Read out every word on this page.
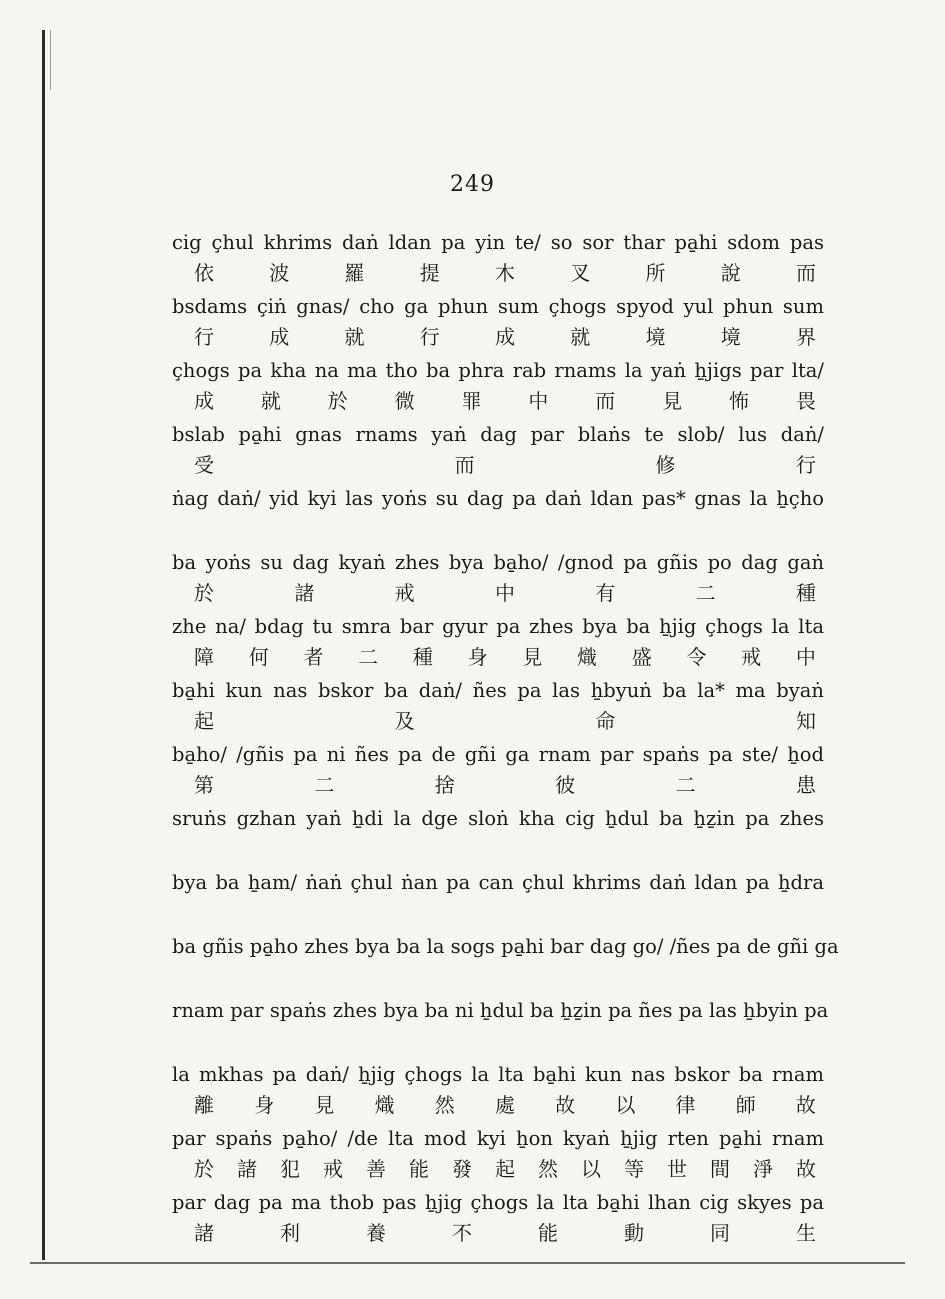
249
cig çhul khrims daṅ ldan pa yin te/ so sor thar pa̱hi sdom pas
依	波	羅	提	木	叉	所	說	而
bsdams çiṅ gnas/ cho ga phun sum çhogs spyod yul phun sum
行	成	就	行	成	就	境	境	界
çhogs pa kha na ma tho ba phra rab rnams la yaṅ ẖjigs par lta/
成 就 於 微 罪 中 而 見 怖 畏
bslab pa̱hi gnas rnams yaṅ dag par blaṅs te slob/ lus daṅ/
受	而	修	行
ṅag daṅ/ yid kyi las yoṅs su dag pa daṅ ldan pas* gnas la ẖçho
ba yoṅs su dag kyaṅ zhes bya ba̱ho/ /gnod pa gñis po dag gaṅ
於	諸	戒	中	有	二	種
zhe na/ bdag tu smra bar gyur pa zhes bya ba ẖjig çhogs la lta
障 何 者 二 種 身 見 熾 盛 令 戒 中
ba̱hi kun nas bskor ba daṅ/ ñes pa las ẖbyuṅ ba la* ma byaṅ
起	及	命	知
ba̱ho/ /gñis pa ni ñes pa de gñi ga rnam par spaṅs pa ste/ ẖod
第	二	捨	彼	二	患
sruṅs gzhan yaṅ ẖdi la dge sloṅ kha cig ẖdul ba ẖẕin pa zhes
bya ba ẖam/ ṅaṅ çhul ṅan pa can çhul khrims daṅ ldan pa ẖdra
ba gñis pa̱ho zhes bya ba la sogs pa̱hi bar dag go/ /ñes pa de gñi ga
rnam par spaṅs zhes bya ba ni ẖdul ba ẖẕin pa ñes pa las ẖbyin pa
la mkhas pa daṅ/ ẖjig çhogs la lta ba̱hi kun nas bskor ba rnam
離 身 見 熾 然 處 故 以 律 師 故
par spaṅs pa̱ho/ /de lta mod kyi ẖon kyaṅ ẖjig rten pa̱hi rnam
於 諸 犯 戒 善 能 發 起 然 以 等 世 間 淨 故
par dag pa ma thob pas ẖjig çhogs la lta ba̱hi lhan cig skyes pa
諸	利	養	不	能	動	同	生
